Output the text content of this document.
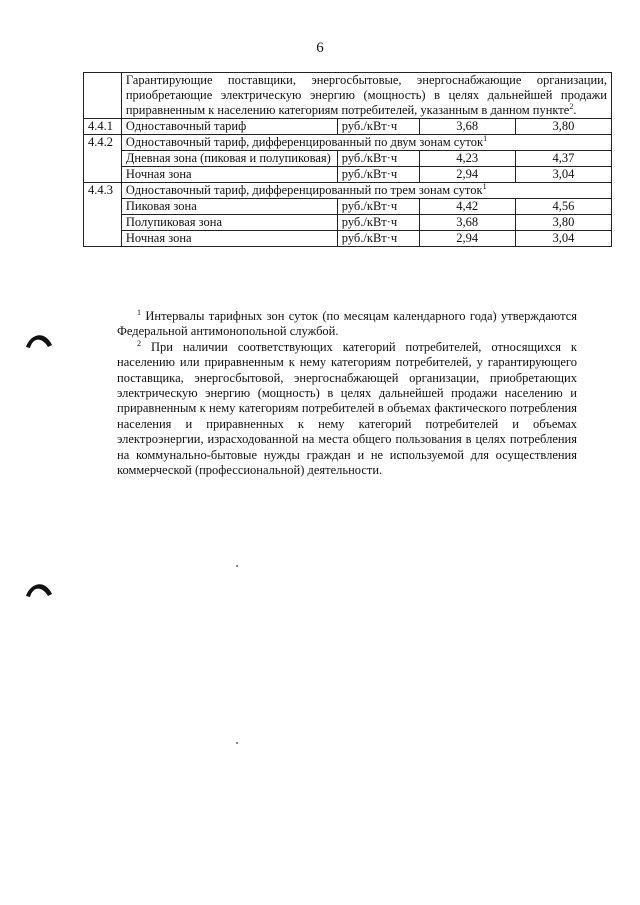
6
	Гарантирующие поставщики, энергосбытовые, энергоснабжающие организации, приобретающие электрическую энергию (мощность) в целях дальнейшей продажи приравненным к населению категориям потребителей, указанным в данном пункте$^2$.			
4.4.1	Одноставочный тариф	руб./кВт·ч	3,68	3,80
4.4.2	Одноставочный тариф, дифференцированный по двум зонам суток$^1$
	Дневная зона (пиковая и полупиковая)	руб./кВт·ч	4,23	4,37
	Ночная зона	руб./кВт·ч	2,94	3,04
4.4.3	Одноставочный тариф, дифференцированный по трем зонам суток$^1$
	Пиковая зона	руб./кВт·ч	4,42	4,56
	Полупиковая зона	руб./кВт·ч	3,68	3,80
	Ночная зона	руб./кВт·ч	2,94	3,04

$^1$ Интервалы тарифных зон суток (по месяцам календарного года) утверждаются Федеральной антимонопольной службой.

$^2$ При наличии соответствующих категорий потребителей, относящихся к населению или приравненным к нему категориям потребителей, у гарантирующего поставщика, энергосбытовой, энергоснабжающей организации, приобретающих электрическую энергию (мощность) в целях дальнейшей продажи населению и приравненным к нему категориям потребителей в объемах фактического потребления населения и приравненных к нему категорий потребителей и объемах электроэнергии, израсходованной на места общего пользования в целях потребления на коммунально-бытовые нужды граждан и не используемой для осуществления коммерческой (профессиональной) деятельности.
